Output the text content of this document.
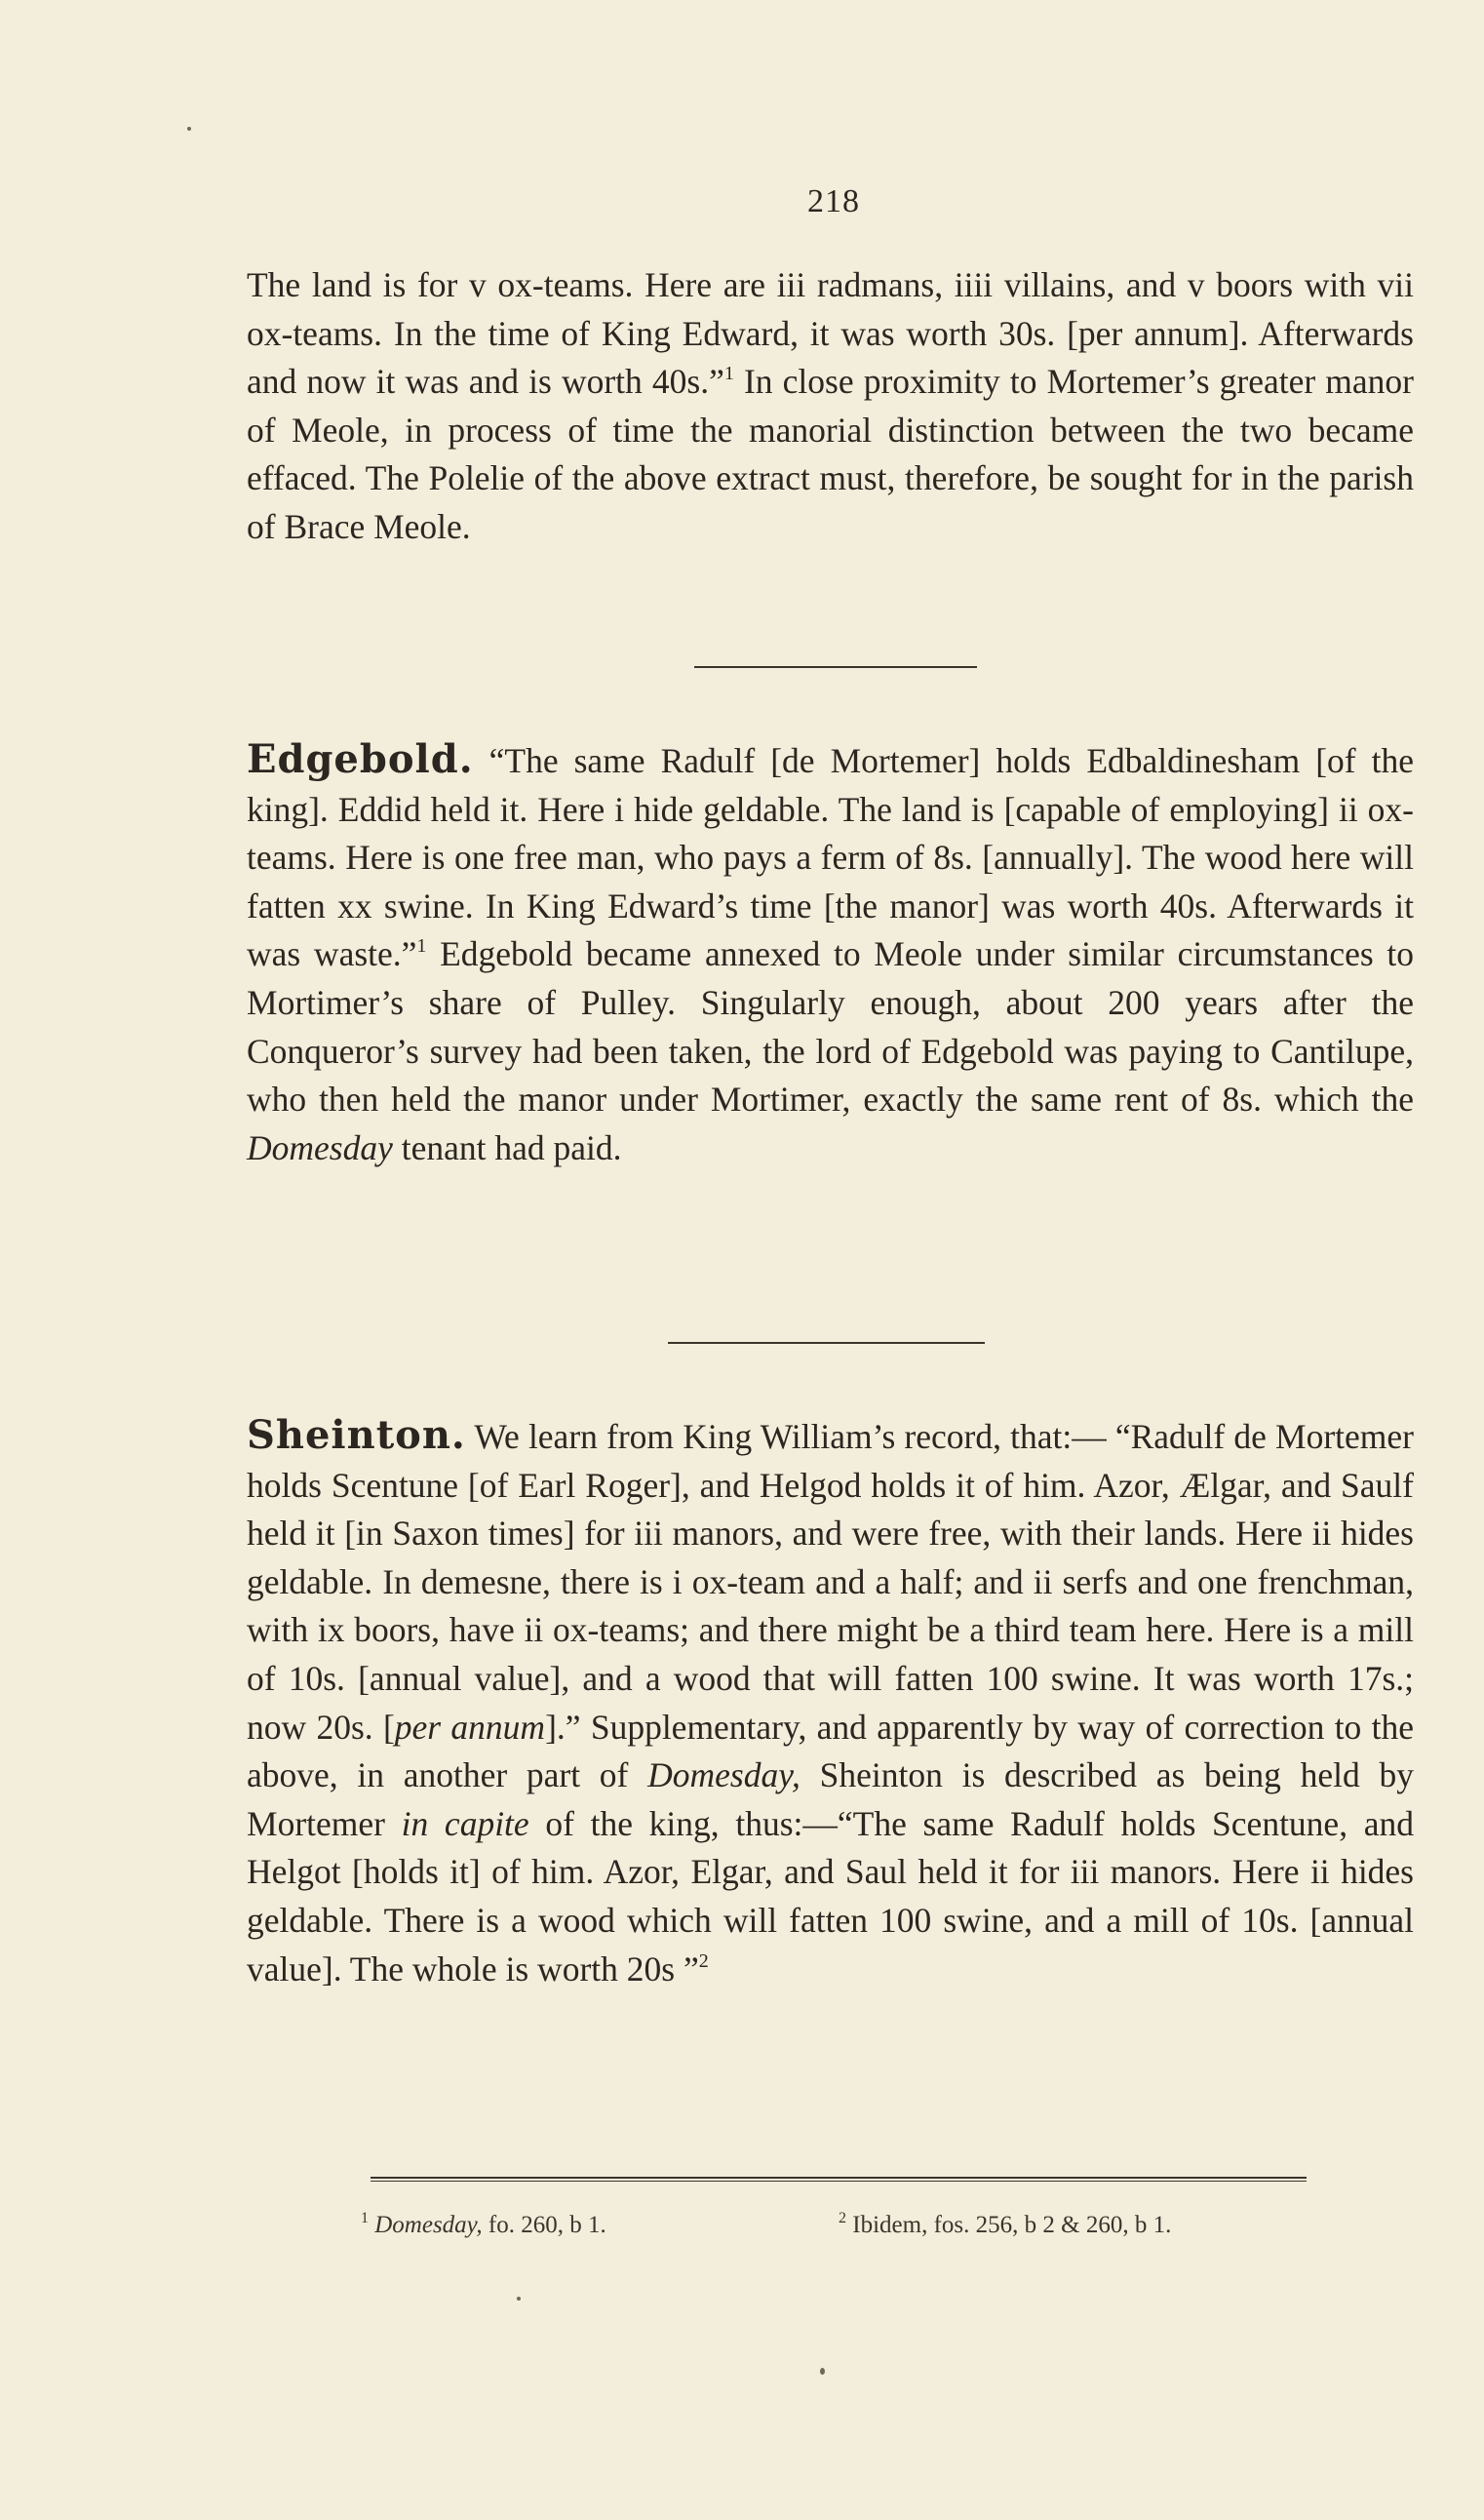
218

The land is for v ox-teams. Here are iii radmans, iiii villains, and v boors with vii ox-teams. In the time of King Edward, it was worth 30s. [per annum]. Afterwards and now it was and is worth 40s.”$^1$ In close proximity to Mortemer’s greater manor of Meole, in process of time the manorial distinction between the two became effaced. The Polelie of the above extract must, therefore, be sought for in the parish of Brace Meole.

Edgebold. “The same Radulf [de Mortemer] holds Edbaldinesham [of the king]. Eddid held it. Here i hide geldable. The land is [capable of employing] ii ox-teams. Here is one free man, who pays a ferm of 8s. [annually]. The wood here will fatten xx swine. In King Edward’s time [the manor] was worth 40s. Afterwards it was waste.”$^1$ Edgebold became annexed to Meole under similar circumstances to Mortimer’s share of Pulley. Singularly enough, about 200 years after the Conqueror’s survey had been taken, the lord of Edgebold was paying to Cantilupe, who then held the manor under Mortimer, exactly the same rent of 8s. which the Domesday tenant had paid.

Sheinton. We learn from King William’s record, that:— “Radulf de Mortemer holds Scentune [of Earl Roger], and Helgod holds it of him. Azor, Ælgar, and Saulf held it [in Saxon times] for iii manors, and were free, with their lands. Here ii hides geldable. In demesne, there is i ox-team and a half; and ii serfs and one frenchman, with ix boors, have ii ox-teams; and there might be a third team here. Here is a mill of 10s. [annual value], and a wood that will fatten 100 swine. It was worth 17s.; now 20s. [per annum].” Supplementary, and apparently by way of correction to the above, in another part of Domesday, Sheinton is described as being held by Mortemer in capite of the king, thus:—“The same Radulf holds Scentune, and Helgot [holds it] of him. Azor, Elgar, and Saul held it for iii manors. Here ii hides geldable. There is a wood which will fatten 100 swine, and a mill of 10s. [annual value]. The whole is worth 20s ”$^2$

$^1$ Domesday, fo. 260, b 1.	$^2$ Ibidem, fos. 256, b 2 & 260, b 1.
